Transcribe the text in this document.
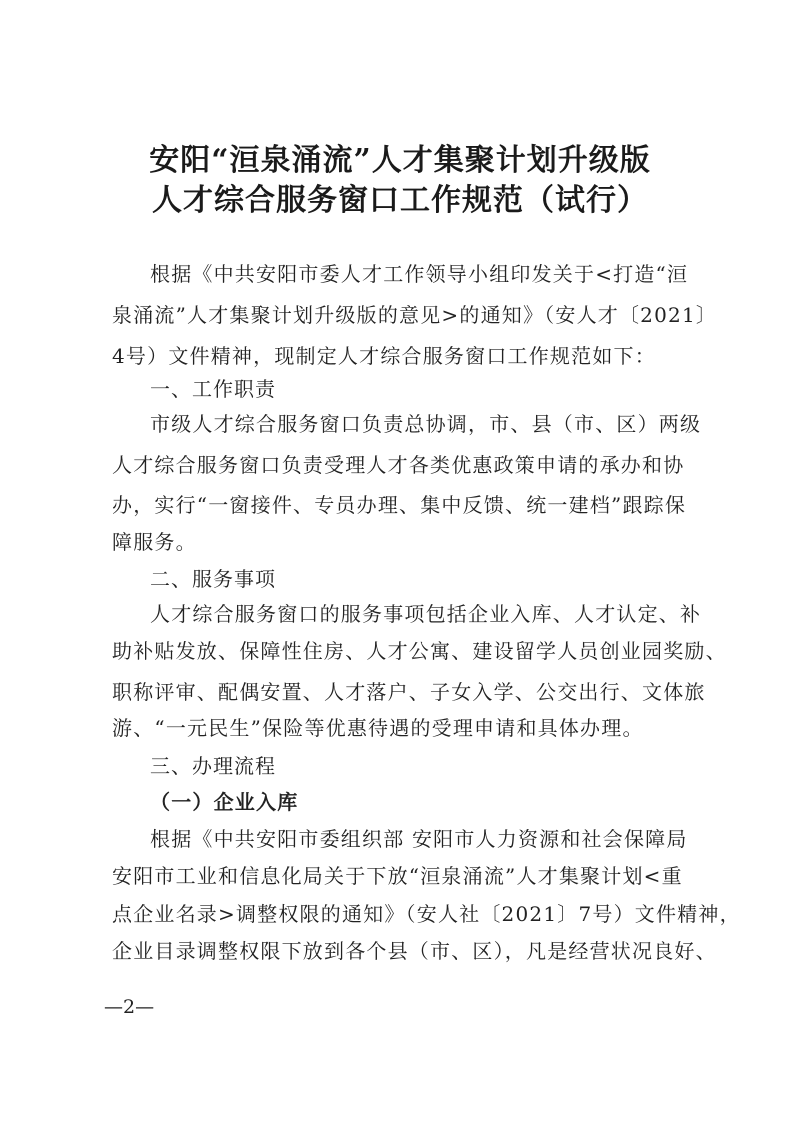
安阳“洹泉涌流”人才集聚计划升级版
人才综合服务窗口工作规范（试行）
根据《中共安阳市委人才工作领导小组印发关于<打造“洹
泉涌流”人才集聚计划升级版的意见>的通知》（安人才〔2021〕
4号）文件精神，现制定人才综合服务窗口工作规范如下：
一、工作职责
市级人才综合服务窗口负责总协调，市、县（市、区）两级
人才综合服务窗口负责受理人才各类优惠政策申请的承办和协
办，实行“一窗接件、专员办理、集中反馈、统一建档”跟踪保
障服务。
二、服务事项
人才综合服务窗口的服务事项包括企业入库、人才认定、补
助补贴发放、保障性住房、人才公寓、建设留学人员创业园奖励、
职称评审、配偶安置、人才落户、子女入学、公交出行、文体旅
游、“一元民生”保险等优惠待遇的受理申请和具体办理。
三、办理流程
（一）企业入库
根据《中共安阳市委组织部 安阳市人力资源和社会保障局
安阳市工业和信息化局关于下放“洹泉涌流”人才集聚计划<重
点企业名录>调整权限的通知》（安人社〔2021〕7号）文件精神，
企业目录调整权限下放到各个县（市、区），凡是经营状况良好、
—2—
